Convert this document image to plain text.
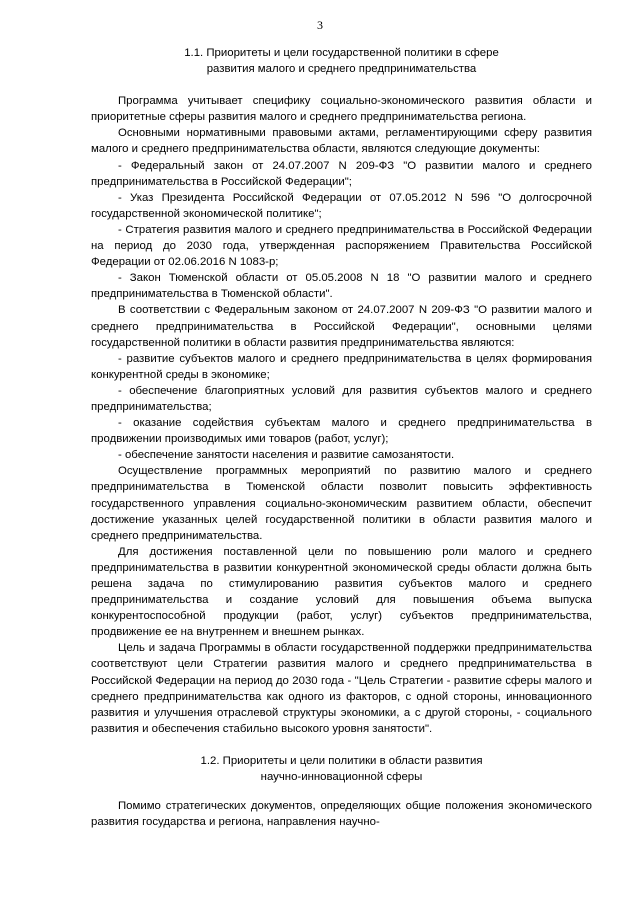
3
1.1. Приоритеты и цели государственной политики в сфере
развития малого и среднего предпринимательства

Программа учитывает специфику социально-экономического развития области и приоритетные сферы развития малого и среднего предпринимательства региона.

Основными нормативными правовыми актами, регламентирующими сферу развития малого и среднего предпринимательства области, являются следующие документы:

- Федеральный закон от 24.07.2007 N 209-ФЗ "О развитии малого и среднего предпринимательства в Российской Федерации";

- Указ Президента Российской Федерации от 07.05.2012 N 596 "О долгосрочной государственной экономической политике";

- Стратегия развития малого и среднего предпринимательства в Российской Федерации на период до 2030 года, утвержденная распоряжением Правительства Российской Федерации от 02.06.2016 N 1083-р;

- Закон Тюменской области от 05.05.2008 N 18 "О развитии малого и среднего предпринимательства в Тюменской области".

В соответствии с Федеральным законом от 24.07.2007 N 209-ФЗ "О развитии малого и среднего предпринимательства в Российской Федерации", основными целями государственной политики в области развития предпринимательства являются:

- развитие субъектов малого и среднего предпринимательства в целях формирования конкурентной среды в экономике;

- обеспечение благоприятных условий для развития субъектов малого и среднего предпринимательства;

- оказание содействия субъектам малого и среднего предпринимательства в продвижении производимых ими товаров (работ, услуг);

- обеспечение занятости населения и развитие самозанятости.

Осуществление программных мероприятий по развитию малого и среднего предпринимательства в Тюменской области позволит повысить эффективность государственного управления социально-экономическим развитием области, обеспечит достижение указанных целей государственной политики в области развития малого и среднего предпринимательства.

Для достижения поставленной цели по повышению роли малого и среднего предпринимательства в развитии конкурентной экономической среды области должна быть решена задача по стимулированию развития субъектов малого и среднего предпринимательства и создание условий для повышения объема выпуска конкурентоспособной продукции (работ, услуг) субъектов предпринимательства, продвижение ее на внутреннем и внешнем рынках.

Цель и задача Программы в области государственной поддержки предпринимательства соответствуют цели Стратегии развития малого и среднего предпринимательства в Российской Федерации на период до 2030 года - "Цель Стратегии - развитие сферы малого и среднего предпринимательства как одного из факторов, с одной стороны, инновационного развития и улучшения отраслевой структуры экономики, а с другой стороны, - социального развития и обеспечения стабильно высокого уровня занятости".

1.2. Приоритеты и цели политики в области развития
научно-инновационной сферы

Помимо стратегических документов, определяющих общие положения экономического развития государства и региона, направления научно-
